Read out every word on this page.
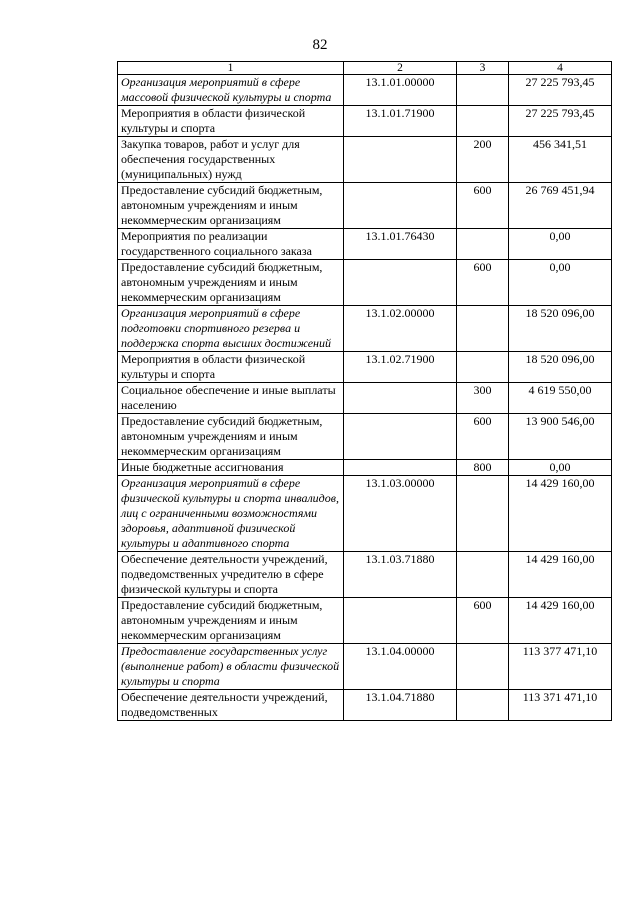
82
1	2	3	4
Организация мероприятий в сфере массовой физической культуры и спорта	13.1.01.00000		27 225 793,45
Мероприятия в области физической культуры и спорта	13.1.01.71900		27 225 793,45
Закупка товаров, работ и услуг для обеспечения государственных (муниципальных) нужд		200	456 341,51
Предоставление субсидий бюджетным, автономным учреждениям и иным некоммерческим организациям		600	26 769 451,94
Мероприятия по реализации государственного социального заказа	13.1.01.76430		0,00
Предоставление субсидий бюджетным, автономным учреждениям и иным некоммерческим организациям		600	0,00
Организация мероприятий в сфере подготовки спортивного резерва и поддержка спорта высших достижений	13.1.02.00000		18 520 096,00
Мероприятия в области физической культуры и спорта	13.1.02.71900		18 520 096,00
Социальное обеспечение и иные выплаты населению		300	4 619 550,00
Предоставление субсидий бюджетным, автономным учреждениям и иным некоммерческим организациям		600	13 900 546,00
Иные бюджетные ассигнования		800	0,00
Организация мероприятий в сфере физической культуры и спорта инвалидов, лиц с ограниченными возможностями здоровья, адаптивной физической культуры и адаптивного спорта	13.1.03.00000		14 429 160,00
Обеспечение деятельности учреждений, подведомственных учредителю в сфере физической культуры и спорта	13.1.03.71880		14 429 160,00
Предоставление субсидий бюджетным, автономным учреждениям и иным некоммерческим организациям		600	14 429 160,00
Предоставление государственных услуг (выполнение работ) в области физической культуры и спорта	13.1.04.00000		113 377 471,10
Обеспечение деятельности учреждений, подведомственных	13.1.04.71880		113 371 471,10
